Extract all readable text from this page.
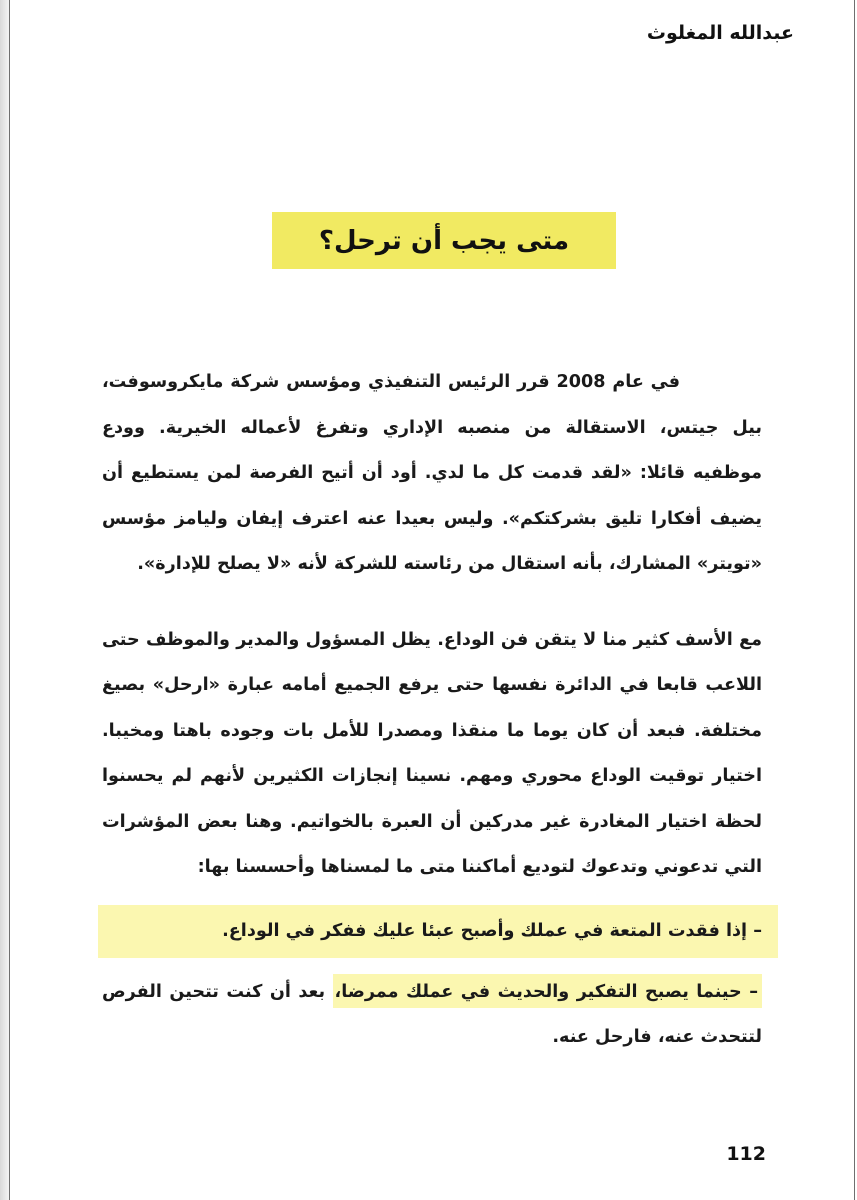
عبدالله المغلوث
متى يجب أن ترحل؟
112

في عام 2008 قرر الرئيس التنفيذي ومؤسس شركة مايكروسوفت، بيل جيتس، الاستقالة من منصبه الإداري وتفرغ لأعماله الخيرية. وودع موظفيه قائلا: «لقد قدمت كل ما لدي. أود أن أتيح الفرصة لمن يستطيع أن يضيف أفكارا تليق بشركتكم». وليس بعيدا عنه اعترف إيفان وليامز مؤسس «تويتر» المشارك، بأنه استقال من رئاسته للشركة لأنه «لا يصلح للإدارة».

مع الأسف كثير منا لا يتقن فن الوداع. يظل المسؤول والمدير والموظف حتى اللاعب قابعا في الدائرة نفسها حتى يرفع الجميع أمامه عبارة «ارحل» بصيغ مختلفة. فبعد أن كان يوما ما منقذا ومصدرا للأمل بات وجوده باهتا ومخيبا. اختيار توقيت الوداع محوري ومهم. نسينا إنجازات الكثيرين لأنهم لم يحسنوا لحظة اختيار المغادرة غير مدركين أن العبرة بالخواتيم. وهنا بعض المؤشرات التي تدعوني وتدعوك لتوديع أماكننا متى ما لمسناها وأحسسنا بها:

– إذا فقدت المتعة في عملك وأصبح عبئا عليك ففكر في الوداع.

– حينما يصبح التفكير والحديث في عملك ممرضا، بعد أن كنت تتحين الفرص لتتحدث عنه، فارحل عنه.
